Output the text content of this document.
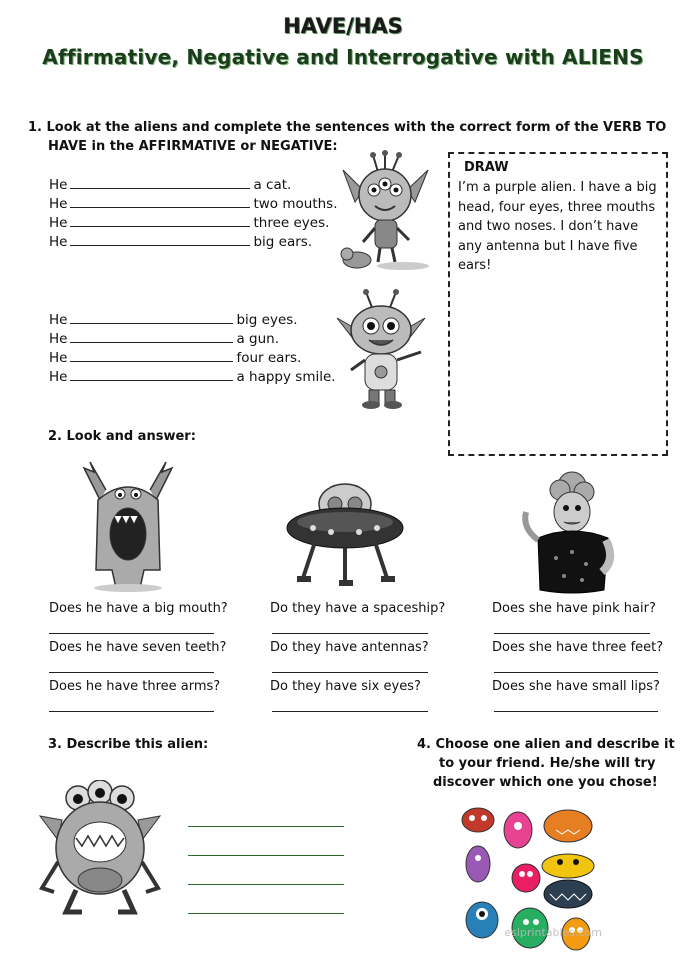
HAVE/HAS
Affirmative, Negative and Interrogative with ALIENS
1. Look at the aliens and complete the sentences with the correct form of the VERB TO
HAVE in the AFFIRMATIVE or NEGATIVE:
He	a cat.
He	two mouths.
He	three eyes.
He	big ears.
He	big eyes.
He	a gun.
He	four ears.
He	a happy smile.
DRAW
I’m a purple alien. I have a big head, four eyes, three mouths and two noses. I don’t have any antenna but I have five ears!
2. Look and answer:
Does he have a big mouth?
Does he have seven teeth?
Does he have three arms?
Do they have a spaceship?
Do they have antennas?
Do they have six eyes?
Does she have pink hair?
Does she have three feet?
Does she have small lips?
3. Describe this alien:	4. Choose one alien and describe it
to your friend. He/she will try
discover which one you chose!
eslprintables.com
